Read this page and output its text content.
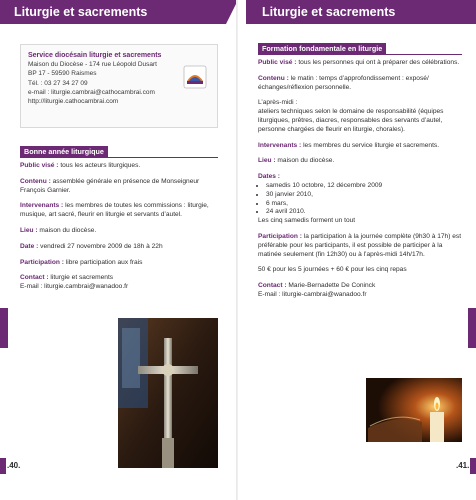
Liturgie et sacrements
Service diocésain liturgie et sacrements
Maison du Diocèse - 174 rue Léopold Dusart
BP 17 - 59590 Raismes
Tél. : 03 27 34 27 09
e-mail : liturgie.cambrai@cathocambrai.com
http://liturgie.cathocambrai.com
Bonne année liturgique
Public visé : tous les acteurs liturgiques.
Contenu : assemblée générale en présence de Monseigneur François Garnier.
Intervenants : les membres de toutes les commissions : liturgie, musique, art sacré, fleurir en liturgie et servants d’autel.
Lieu : maison du diocèse.
Date : vendredi 27 novembre 2009 de 18h à 22h
Participation : libre participation aux frais
Contact : liturgie et sacrements
E-mail : liturgie.cambrai@wanadoo.fr
.40.
Liturgie et sacrements
Formation fondamentale en liturgie
Public visé : tous les personnes qui ont à préparer des célébrations.
Contenu : le matin : temps d’approfondissement : exposé/échanges/réflexion personnelle.
L’après-midi :
ateliers techniques selon le domaine de responsabilité (équipes liturgiques, prêtres, diacres, responsables des servants d’autel, personne chargées de fleurir en liturgie, chorales).
Intervenants : les membres du service liturgie et sacrements.
Lieu : maison du diocèse.
Dates :
• samedis 10 octobre, 12 décembre 2009
• 30 janvier 2010,
• 6 mars,
• 24 avril 2010.
Les cinq samedis forment un tout
Participation : la participation à la journée complète (9h30 à 17h) est préférable pour les participants, il est possible de participer à la matinée seulement (fin 12h30) ou à l’après-midi 14h/17h.
50 € pour les 5 journées + 60 € pour les cinq repas
Contact : Marie-Bernadette De Coninck
E-mail : liturgie-cambrai@wanadoo.fr
.41.
